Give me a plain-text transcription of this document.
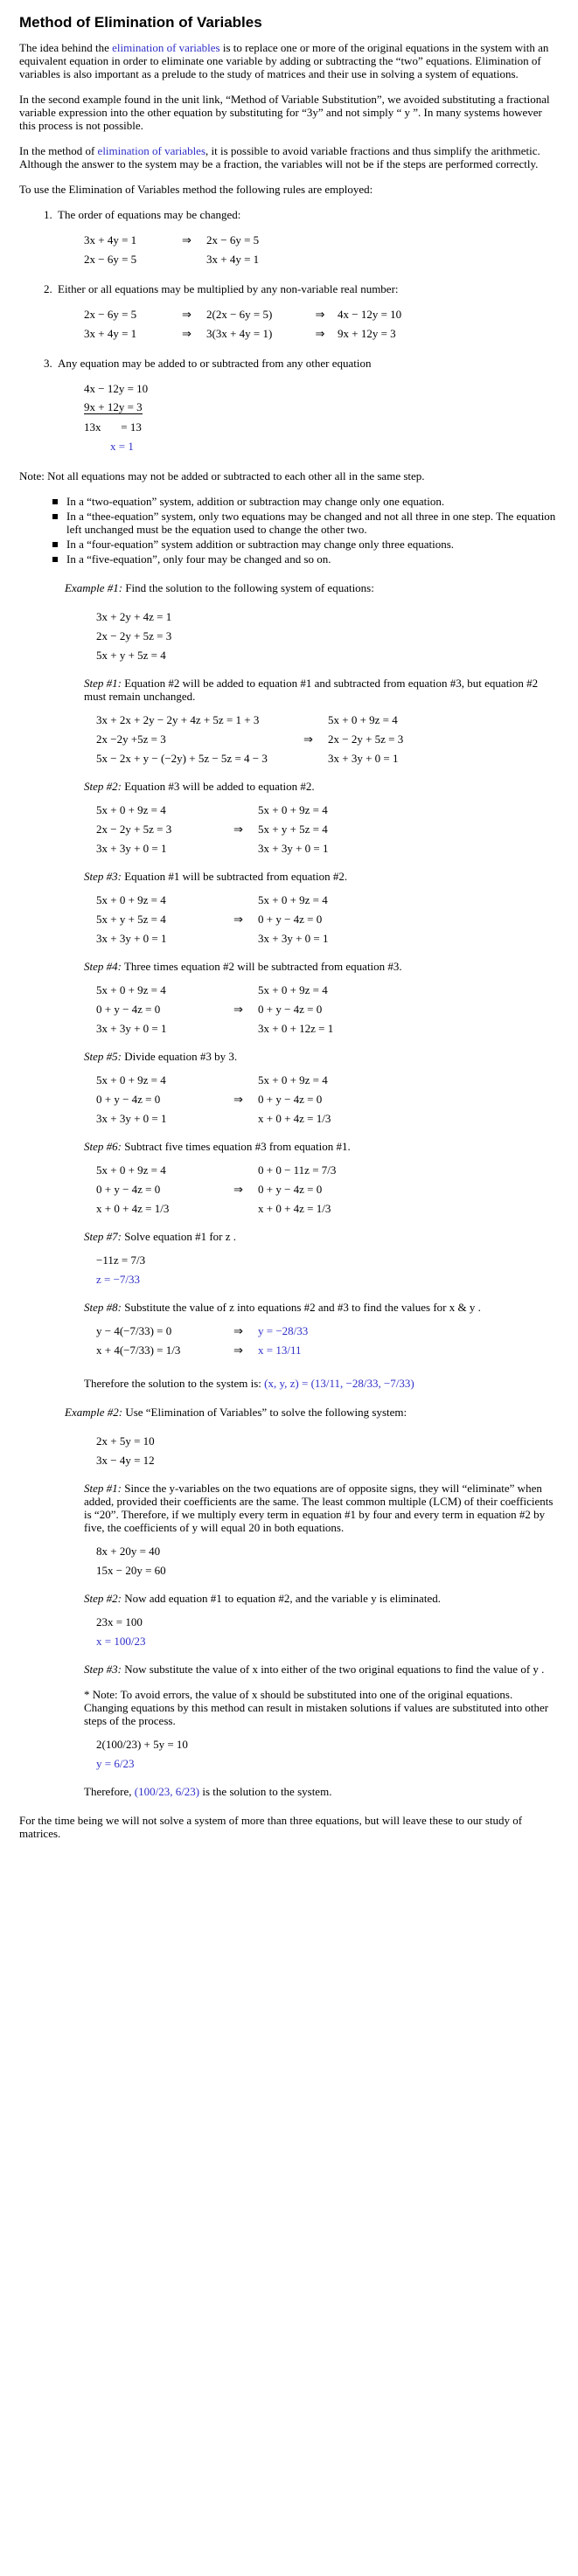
Method of Elimination of Variables

The idea behind the elimination of variables is to replace one or more of the original equations in the system with an equivalent equation in order to eliminate one variable by adding or subtracting the “two” equations. Elimination of variables is also important as a prelude to the study of matrices and their use in solving a system of equations.

In the second example found in the unit link, “Method of Variable Substitution”, we avoided substituting a fractional variable expression into the other equation by substituting for “3y” and not simply “ y ”. In many systems however this process is not possible.

In the method of elimination of variables, it is possible to avoid variable fractions and thus simplify the arithmetic. Although the answer to the system may be a fraction, the variables will not be if the steps are performed correctly.

To use the Elimination of Variables method the following rules are employed:

1. The order of equations may be changed:
3x + 4y = 1	⇒	2x − 6y = 5
2x − 6y = 5	3x + 4y = 1
2. Either or all equations may be multiplied by any non-variable real number:
2x − 6y = 5	⇒	2(2x − 6y = 5)	⇒	4x − 12y = 10
3x + 4y = 1	⇒	3(3x + 4y = 1)	⇒	9x + 12y = 3
3. Any equation may be added to or subtracted from any other equation
4x − 12y = 10
9x + 12y = 3
13x       = 13
x = 1
Note: Not all equations may not be added or subtracted to each other all in the same step.
In a “two-equation” system, addition or subtraction may change only one equation.
In a “thee-equation” system, only two equations may be changed and not all three in one step. The equation left unchanged must be the equation used to change the other two.
In a “four-equation” system addition or subtraction may change only three equations.
In a “five-equation”, only four may be changed and so on.
Example #1: Find the solution to the following system of equations:
3x + 2y + 4z = 1
2x − 2y + 5z = 3
5x + y + 5z = 4
Step #1: Equation #2 will be added to equation #1 and subtracted from equation #3, but equation #2 must remain unchanged.
3x + 2x + 2y − 2y + 4z + 5z = 1 + 3	5x + 0 + 9z = 4
2x −2y +5z = 3	⇒	2x − 2y + 5z = 3
5x − 2x + y − (−2y) + 5z − 5z = 4 − 3	3x + 3y + 0 = 1
Step #2: Equation #3 will be added to equation #2.
5x + 0 + 9z = 4	5x + 0 + 9z = 4
2x − 2y + 5z = 3	⇒	5x + y + 5z = 4
3x + 3y + 0 = 1	3x + 3y + 0 = 1
Step #3: Equation #1 will be subtracted from equation #2.
5x + 0 + 9z = 4	5x + 0 + 9z = 4
5x + y + 5z = 4	⇒	0 + y − 4z = 0
3x + 3y + 0 = 1	3x + 3y + 0 = 1
Step #4: Three times equation #2 will be subtracted from equation #3.
5x + 0 + 9z = 4	5x + 0 + 9z = 4
0 + y − 4z = 0	⇒	0 + y − 4z = 0
3x + 3y + 0 = 1	3x + 0 + 12z = 1
Step #5: Divide equation #3 by 3.
5x + 0 + 9z = 4	5x + 0 + 9z = 4
0 + y − 4z = 0	⇒	0 + y − 4z = 0
3x + 3y + 0 = 1	x + 0 + 4z = 1/3
Step #6: Subtract five times equation #3 from equation #1.
5x + 0 + 9z = 4	0 + 0 − 11z = 7/3
0 + y − 4z = 0	⇒	0 + y − 4z = 0
x + 0 + 4z = 1/3	x + 0 + 4z = 1/3
Step #7: Solve equation #1 for z .
−11z = 7/3
z = −7/33
Step #8: Substitute the value of z into equations #2 and #3 to find the values for x & y .
y − 4(−7/33) = 0	⇒	y = −28/33
x + 4(−7/33) = 1/3	⇒	x = 13/11
Therefore the solution to the system is: (x, y, z) = (13/11, −28/33, −7/33)
Example #2: Use “Elimination of Variables” to solve the following system:
2x + 5y = 10
3x − 4y = 12
Step #1: Since the y-variables on the two equations are of opposite signs, they will “eliminate” when added, provided their coefficients are the same. The least common multiple (LCM) of their coefficients is “20”. Therefore, if we multiply every term in equation #1 by four and every term in equation #2 by five, the coefficients of y will equal 20 in both equations.
8x + 20y = 40
15x − 20y = 60
Step #2: Now add equation #1 to equation #2, and the variable y is eliminated.
23x = 100
x = 100/23
Step #3: Now substitute the value of x into either of the two original equations to find the value of y .
* Note: To avoid errors, the value of x should be substituted into one of the original equations. Changing equations by this method can result in mistaken solutions if values are substituted into other steps of the process.
2(100/23) + 5y = 10
y = 6/23
Therefore, (100/23, 6/23) is the solution to the system.

For the time being we will not solve a system of more than three equations, but will leave these to our study of matrices.
